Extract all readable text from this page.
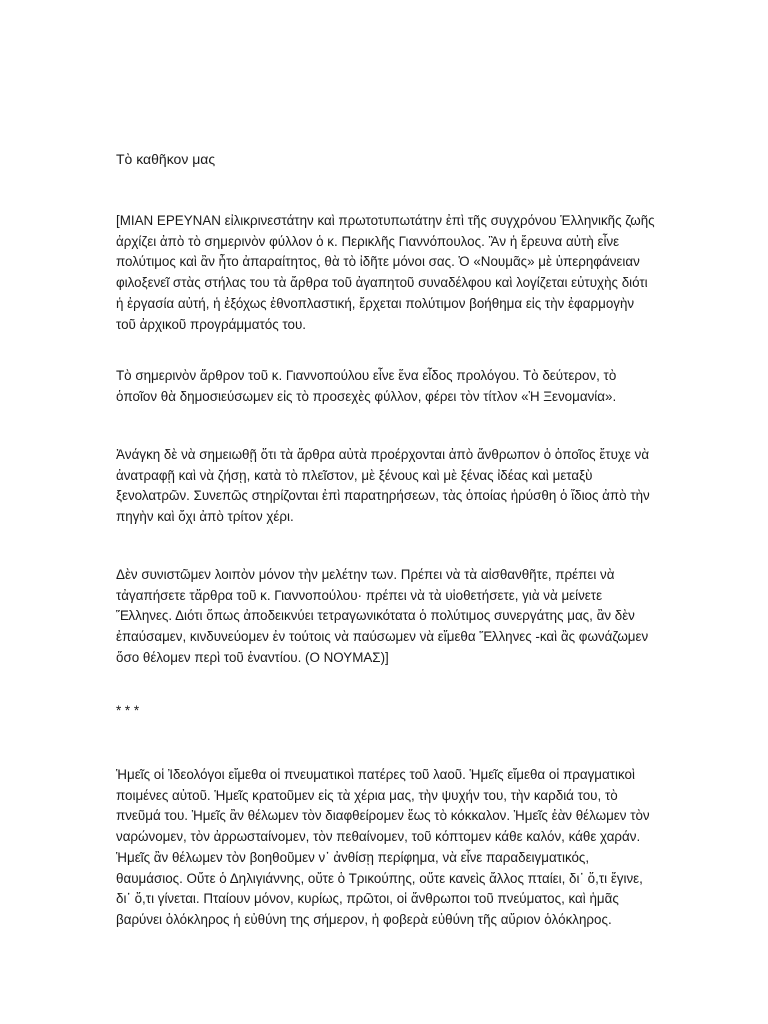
Τὸ καθῆκον μας

[ΜΙΑΝ ΕΡΕΥΝΑΝ εἰλικρινεστάτην καὶ πρωτοτυπωτάτην ἐπὶ τῆς συγχρόνου Ἑλληνικῆς ζωῆς
ἀρχίζει ἀπὸ τὸ σημερινὸν φύλλον ὁ κ. Περικλῆς Γιαννόπουλος. Ἂν ἡ ἔρευνα αὐτὴ εἶνε
πολύτιμος καὶ ἂν ἦτο ἀπαραίτητος, θὰ τὸ ἰδῆτε μόνοι σας. Ὁ «Νουμᾶς» μὲ ὑπερηφάνειαν
φιλοξενεῖ στὰς στήλας του τὰ ἄρθρα τοῦ ἀγαπητοῦ συναδέλφου καὶ λογίζεται εὐτυχὴς διότι
ἡ ἐργασία αὐτή, ἡ ἐξόχως ἐθνοπλαστική, ἔρχεται πολύτιμον βοήθημα εἰς τὴν ἐφαρμογὴν
τοῦ ἀρχικοῦ προγράμματός του.

Τὸ σημερινὸν ἄρθρον τοῦ κ. Γιαννοπούλου εἶνε ἕνα εἶδος προλόγου. Τὸ δεύτερον, τὸ
ὁποῖον θὰ δημοσιεύσωμεν εἰς τὸ προσεχὲς φύλλον, φέρει τὸν τίτλον «Ἡ Ξενομανία».

Ἀνάγκη δὲ νὰ σημειωθῇ ὅτι τὰ ἄρθρα αὐτὰ προέρχονται ἀπὸ ἄνθρωπον ὁ ὁποῖος ἔτυχε νὰ
ἀνατραφῇ καὶ νὰ ζήσῃ, κατὰ τὸ πλεῖστον, μὲ ξένους καὶ μὲ ξένας ἰδέας καὶ μεταξὺ
ξενολατρῶν. Συνεπῶς στηρίζονται ἐπὶ παρατηρήσεων, τὰς ὁποίας ἠρύσθη ὁ ἴδιος ἀπὸ τὴν
πηγὴν καὶ ὄχι ἀπὸ τρίτον χέρι.

Δὲν συνιστῶμεν λοιπὸν μόνον τὴν μελέτην των. Πρέπει νὰ τὰ αἰσθανθῆτε, πρέπει νὰ
τἀγαπήσετε τἄρθρα τοῦ κ. Γιαννοπούλου· πρέπει νὰ τὰ υἱοθετήσετε, γιὰ νὰ μείνετε
Ἕλληνες. Διότι ὅπως ἀποδεικνύει τετραγωνικότατα ὁ πολύτιμος συνεργάτης μας, ἂν δὲν
ἐπαύσαμεν, κινδυνεύομεν ἐν τούτοις νὰ παύσωμεν νὰ εἴμεθα Ἕλληνες -καὶ ἂς φωνάζωμεν
ὅσο θέλομεν περὶ τοῦ ἐναντίου. (Ο ΝΟΥΜΑΣ)]

* * *

Ἡμεῖς οἱ Ἰδεολόγοι εἴμεθα οἱ πνευματικοὶ πατέρες τοῦ λαοῦ. Ἡμεῖς εἴμεθα οἱ πραγματικοὶ
ποιμένες αὐτοῦ. Ἡμεῖς κρατοῦμεν εἰς τὰ χέρια μας, τὴν ψυχήν του, τὴν καρδιά του, τὸ
πνεῦμά του. Ἡμεῖς ἂν θέλωμεν τὸν διαφθείρομεν ἕως τὸ κόκκαλον. Ἡμεῖς ἐὰν θέλωμεν τὸν
ναρώνομεν, τὸν ἀρρωσταίνομεν, τὸν πεθαίνομεν, τοῦ κόπτομεν κάθε καλόν, κάθε χαράν.
Ἡμεῖς ἂν θέλωμεν τὸν βοηθοῦμεν ν᾽ ἀνθίσῃ περίφημα, νὰ εἶνε παραδειγματικός,
θαυμάσιος. Οὔτε ὁ Δηλιγιάννης, οὔτε ὁ Τρικούπης, οὔτε κανεὶς ἄλλος πταίει, δι᾽ ὅ,τι ἔγινε,
δι᾽ ὅ,τι γίνεται. Πταίουν μόνον, κυρίως, πρῶτοι, οἱ ἄνθρωποι τοῦ πνεύματος, καὶ ἡμᾶς
βαρύνει ὁλόκληρος ἡ εὐθύνη της σήμερον, ἡ φοβερὰ εὐθύνη τῆς αὔριον ὁλόκληρος.
